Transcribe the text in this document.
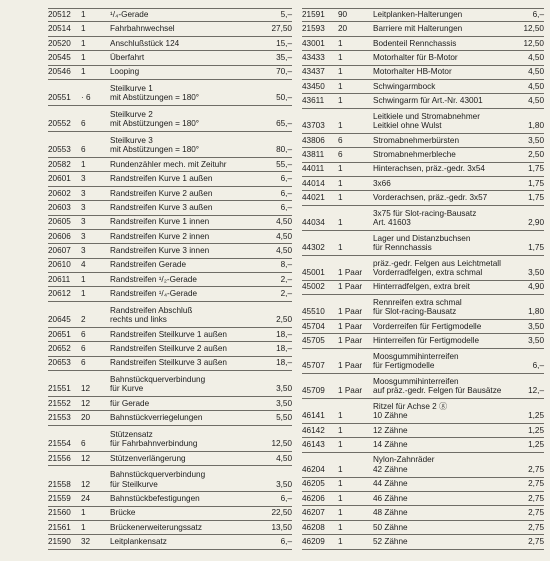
20512	1	¹/₄-Gerade	5,–
20514	1	Fahrbahnwechsel	27,50
20520	1	Anschlußstück 124	15,–
20545	1	Überfahrt	35,–
20546	1	Looping	70,–
20551	· 6
Steilkurve 1
mit Abstützungen = 180°	50,–
20552	6
Steilkurve 2
mit Abstützungen = 180°	65,–
20553	6
Steilkurve 3
mit Abstützungen = 180°	80,–
20582	1	Rundenzähler mech. mit Zeituhr	55,–
20601	3	Randstreifen Kurve 1 außen	6,–
20602	3	Randstreifen Kurve 2 außen	6,–
20603	3	Randstreifen Kurve 3 außen	6,–
20605	3	Randstreifen Kurve 1 innen	4,50
20606	3	Randstreifen Kurve 2 innen	4,50
20607	3	Randstreifen Kurve 3 innen	4,50
20610	4	Randstreifen Gerade	8,–
20611	1	Randstreifen ¹/₂-Gerade	2,–
20612	1	Randstreifen ¹/₄-Gerade	2,–
20645	2
Randstreifen Abschluß
rechts und links	2,50
20651	6	Randstreifen Steilkurve 1 außen	18,–
20652	6	Randstreifen Steilkurve 2 außen	18,–
20653	6	Randstreifen Steilkurve 3 außen	18,–
21551	12
Bahnstückquerverbindung
für Kurve	3,50
21552	12	für Gerade	3,50
21553	20	Bahnstückverriegelungen	5,50
21554	6
Stützensatz
für Fahrbahnverbindung	12,50
21556	12	Stützenverlängerung	4,50
21558	12
Bahnstückquerverbindung
für Steilkurve	3,50
21559	24	Bahnstückbefestigungen	6,–
21560	1	Brücke	22,50
21561	1	Brückenerweiterungssatz	13,50
21590	32	Leitplankensatz	6,–
21591	90	Leitplanken-Halterungen	6,–
21593	20	Barriere mit Halterungen	12,50
43001	1	Bodenteil Rennchassis	12,50
43433	1	Motorhalter für B-Motor	4,50
43437	1	Motorhalter HB-Motor	4,50
43450	1	Schwingarmbock	4,50
43611	1	Schwingarm für Art.-Nr. 43001	4,50
43703	1
Leitkiele und Stromabnehmer
Leitkiel ohne Wulst	1,80
43806	6	Stromabnehmerbürsten	3,50
43811	6	Stromabnehmerbleche	2,50
44011	1	Hinterachsen, präz.-gedr. 3x54	1,75
44014	1	3x66	1,75
44021	1	Vorderachsen, präz.-gedr. 3x57	1,75
44034	1
3x75 für Slot-racing-Bausatz
Art. 41603	2,90
44302	1
Lager und Distanzbuchsen
für Rennchassis	1,75
45001	1 Paar
präz.-gedr. Felgen aus Leichtmetall
Vorderradfelgen, extra schmal	3,50
45002	1 Paar	Hinterradfelgen, extra breit	4,90
45510	1 Paar
Rennreifen extra schmal
für Slot-racing-Bausatz	1,80
45704	1 Paar	Vorderreifen für Fertigmodelle	3,50
45705	1 Paar	Hinterreifen für Fertigmodelle	3,50
45707	1 Paar
Moosgummihinterreifen
für Fertigmodelle	6,–
45709	1 Paar
Moosgummihinterreifen
auf präz.-gedr. Felgen für Bausätze	12,–
46141	1
Ritzel für Achse 2 ⓖ
10 Zähne	1,25
46142	1	12 Zähne	1,25
46143	1	14 Zähne	1,25
46204	1
Nylon-Zahnräder
42 Zähne	2,75
46205	1	44 Zähne	2,75
46206	1	46 Zähne	2,75
46207	1	48 Zähne	2,75
46208	1	50 Zähne	2,75
46209	1	52 Zähne	2,75
